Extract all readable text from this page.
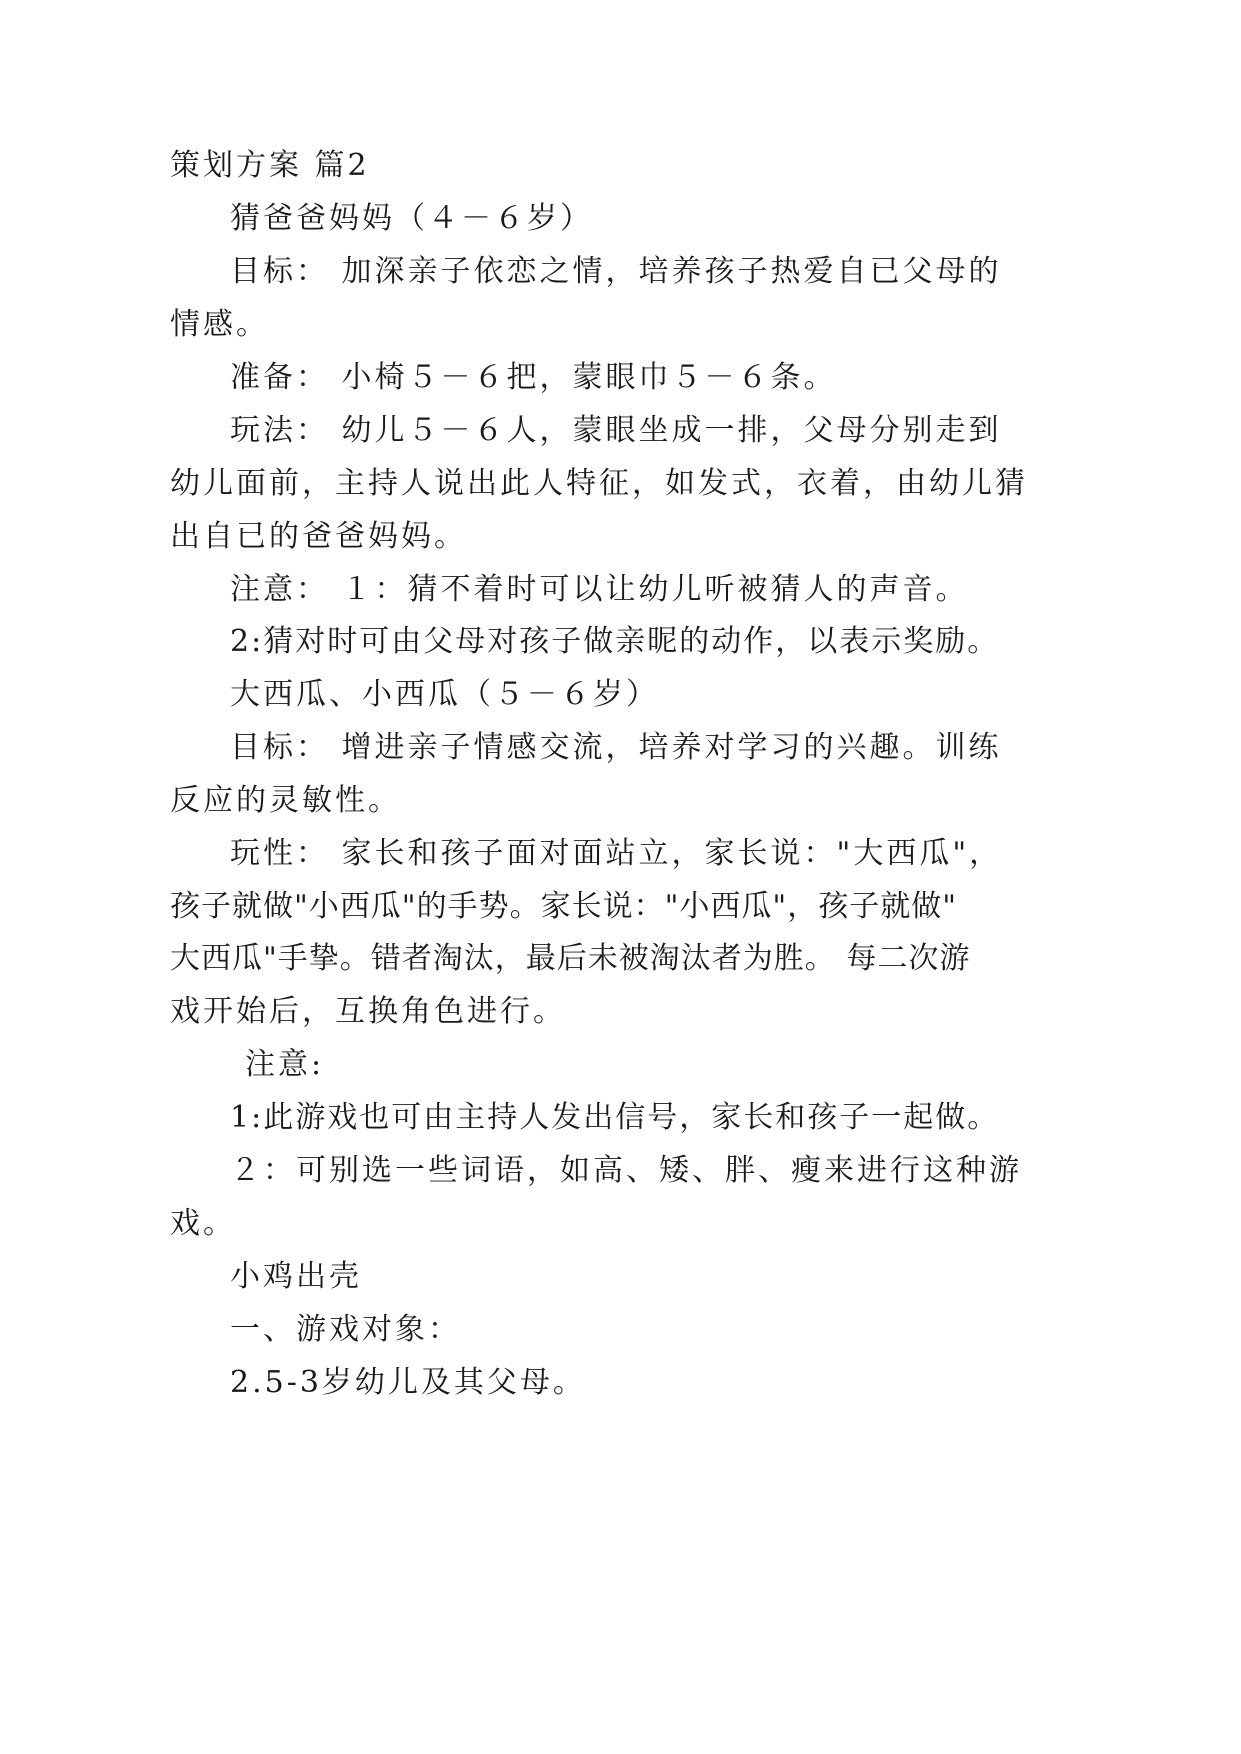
策划方案 篇2
猜爸爸妈妈（４－６岁）
目标： 加深亲子依恋之情，培养孩子热爱自已父母的
情感。
准备： 小椅５－６把，蒙眼巾５－６条。
玩法： 幼儿５－６人，蒙眼坐成一排，父母分别走到
幼儿面前，主持人说出此人特征，如发式，衣着，由幼儿猜
出自已的爸爸妈妈。
注意： １：猜不着时可以让幼儿听被猜人的声音。
2:猜对时可由父母对孩子做亲昵的动作，以表示奖励。
大西瓜、小西瓜（５－６岁）
目标： 增进亲子情感交流，培养对学习的兴趣。训练
反应的灵敏性。
玩性： 家长和孩子面对面站立，家长说："大西瓜"，
孩子就做"小西瓜"的手势。家长说："小西瓜"，孩子就做"
大西瓜"手挚。错者淘汰，最后未被淘汰者为胜。 每二次游
戏开始后，互换角色进行。
注意:
1:此游戏也可由主持人发出信号，家长和孩子一起做。
２：可别选一些词语，如高、矮、胖、瘦来进行这种游
戏。
小鸡出壳
一、游戏对象：
2.5-3岁幼儿及其父母。
